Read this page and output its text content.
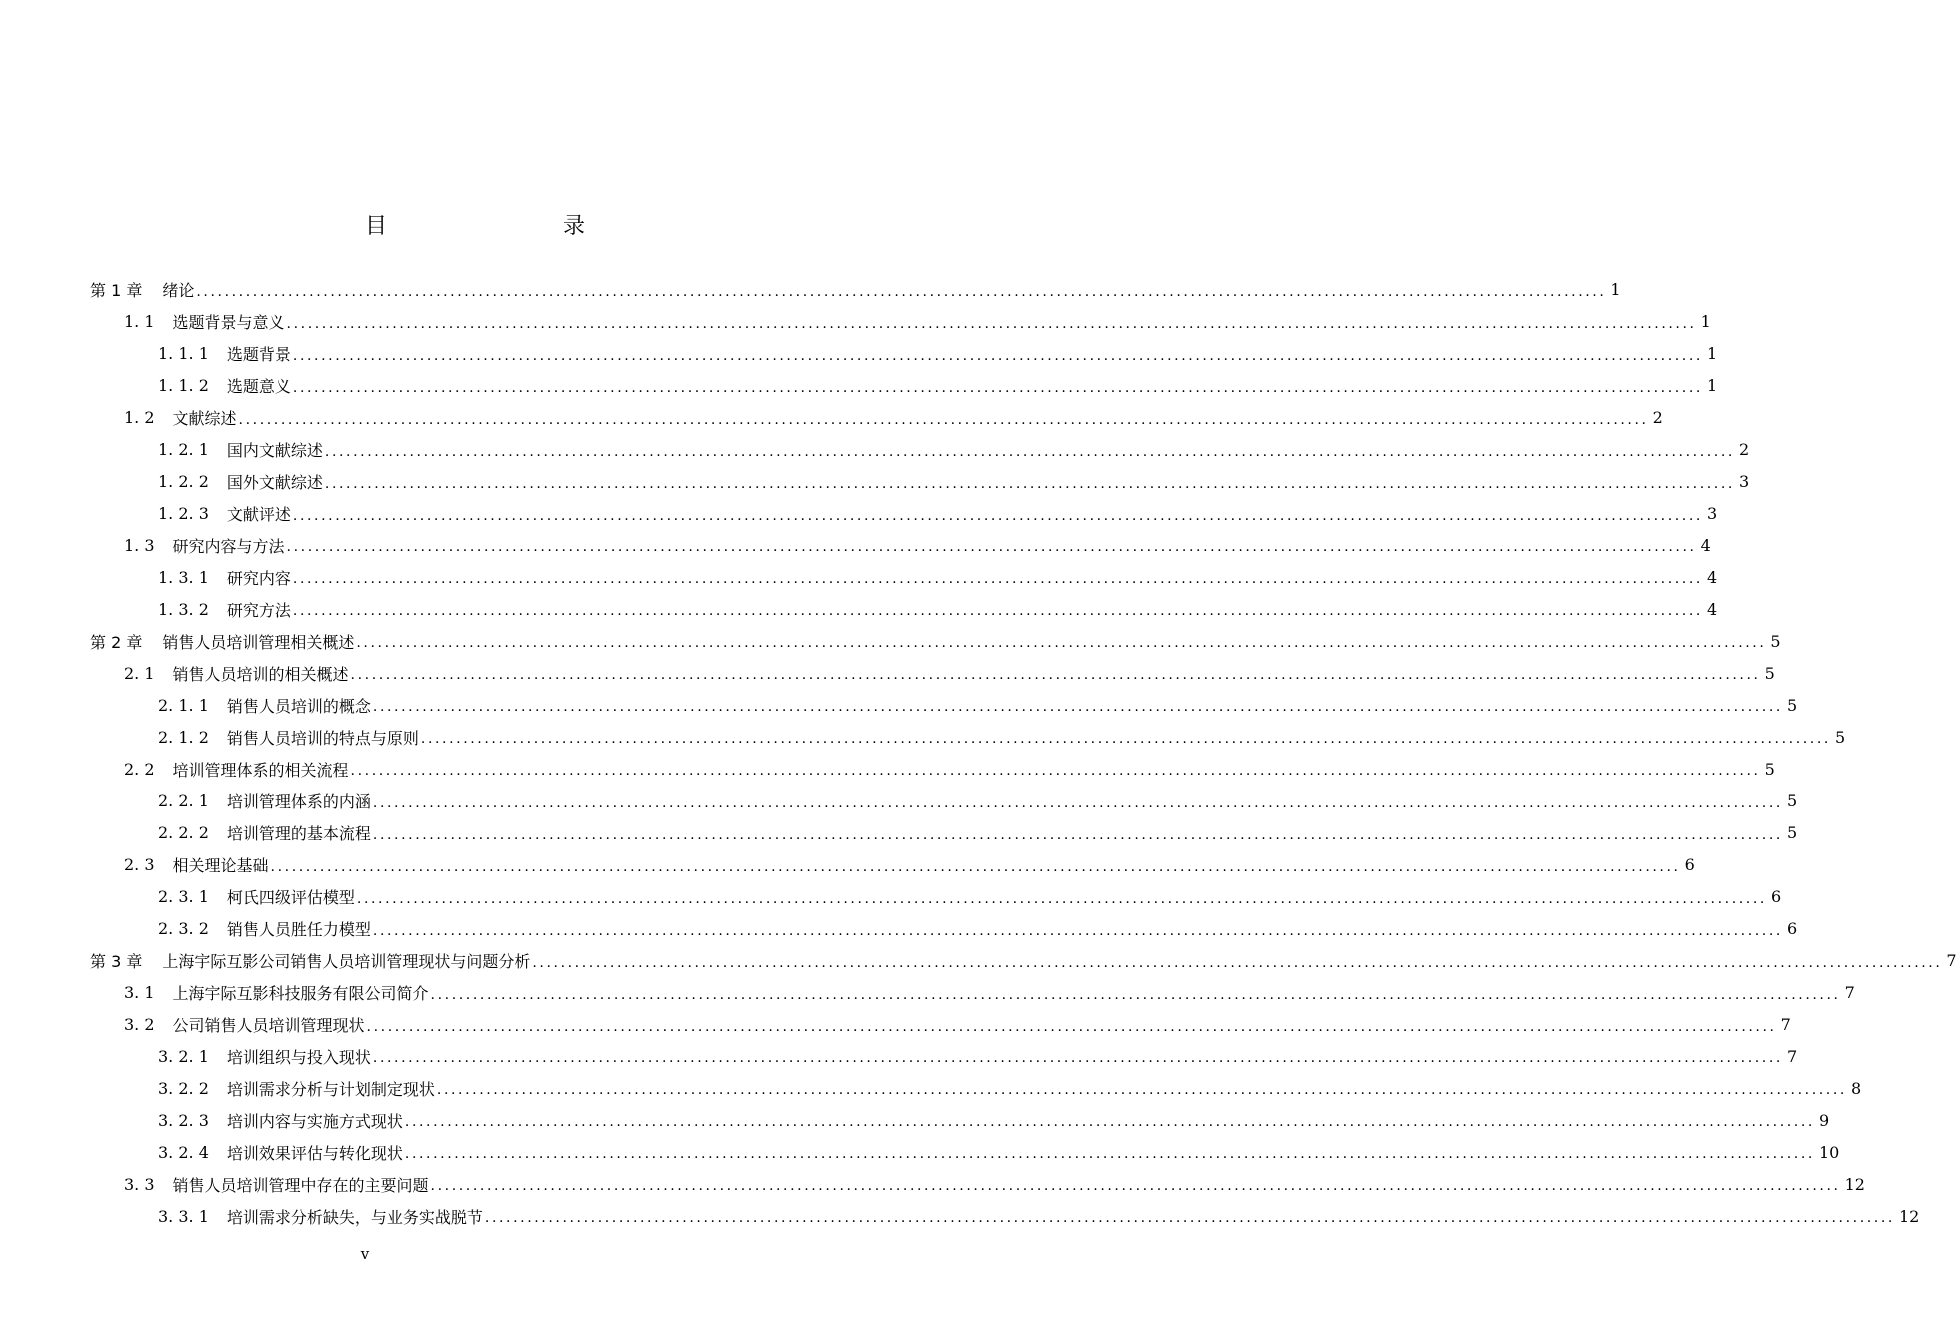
目　　录
第 1 章 绪论 ........................................................................................................................................................................................................ 1
1. 1 选题背景与意义 ........................................................................................................................................................................................................ 1
1. 1. 1 选题背景 ........................................................................................................................................................................................................ 1
1. 1. 2 选题意义 ........................................................................................................................................................................................................ 1
1. 2 文献综述 ........................................................................................................................................................................................................ 2
1. 2. 1 国内文献综述 ........................................................................................................................................................................................................ 2
1. 2. 2 国外文献综述 ........................................................................................................................................................................................................ 3
1. 2. 3 文献评述 ........................................................................................................................................................................................................ 3
1. 3 研究内容与方法 ........................................................................................................................................................................................................ 4
1. 3. 1 研究内容 ........................................................................................................................................................................................................ 4
1. 3. 2 研究方法 ........................................................................................................................................................................................................ 4
第 2 章 销售人员培训管理相关概述 ........................................................................................................................................................................................................ 5
2. 1 销售人员培训的相关概述 ........................................................................................................................................................................................................ 5
2. 1. 1 销售人员培训的概念 ........................................................................................................................................................................................................ 5
2. 1. 2 销售人员培训的特点与原则 ........................................................................................................................................................................................................ 5
2. 2 培训管理体系的相关流程 ........................................................................................................................................................................................................ 5
2. 2. 1 培训管理体系的内涵 ........................................................................................................................................................................................................ 5
2. 2. 2 培训管理的基本流程 ........................................................................................................................................................................................................ 5
2. 3 相关理论基础 ........................................................................................................................................................................................................ 6
2. 3. 1 柯氏四级评估模型 ........................................................................................................................................................................................................ 6
2. 3. 2 销售人员胜任力模型 ........................................................................................................................................................................................................ 6
第 3 章 上海宇际互影公司销售人员培训管理现状与问题分析 ........................................................................................................................................................................................................ 7
3. 1 上海宇际互影科技服务有限公司简介 ........................................................................................................................................................................................................ 7
3. 2 公司销售人员培训管理现状 ........................................................................................................................................................................................................ 7
3. 2. 1 培训组织与投入现状 ........................................................................................................................................................................................................ 7
3. 2. 2 培训需求分析与计划制定现状 ........................................................................................................................................................................................................ 8
3. 2. 3 培训内容与实施方式现状 ........................................................................................................................................................................................................ 9
3. 2. 4 培训效果评估与转化现状 ........................................................................................................................................................................................................ 10
3. 3 销售人员培训管理中存在的主要问题 ........................................................................................................................................................................................................ 12
3. 3. 1 培训需求分析缺失，与业务实战脱节 ........................................................................................................................................................................................................ 12
v
